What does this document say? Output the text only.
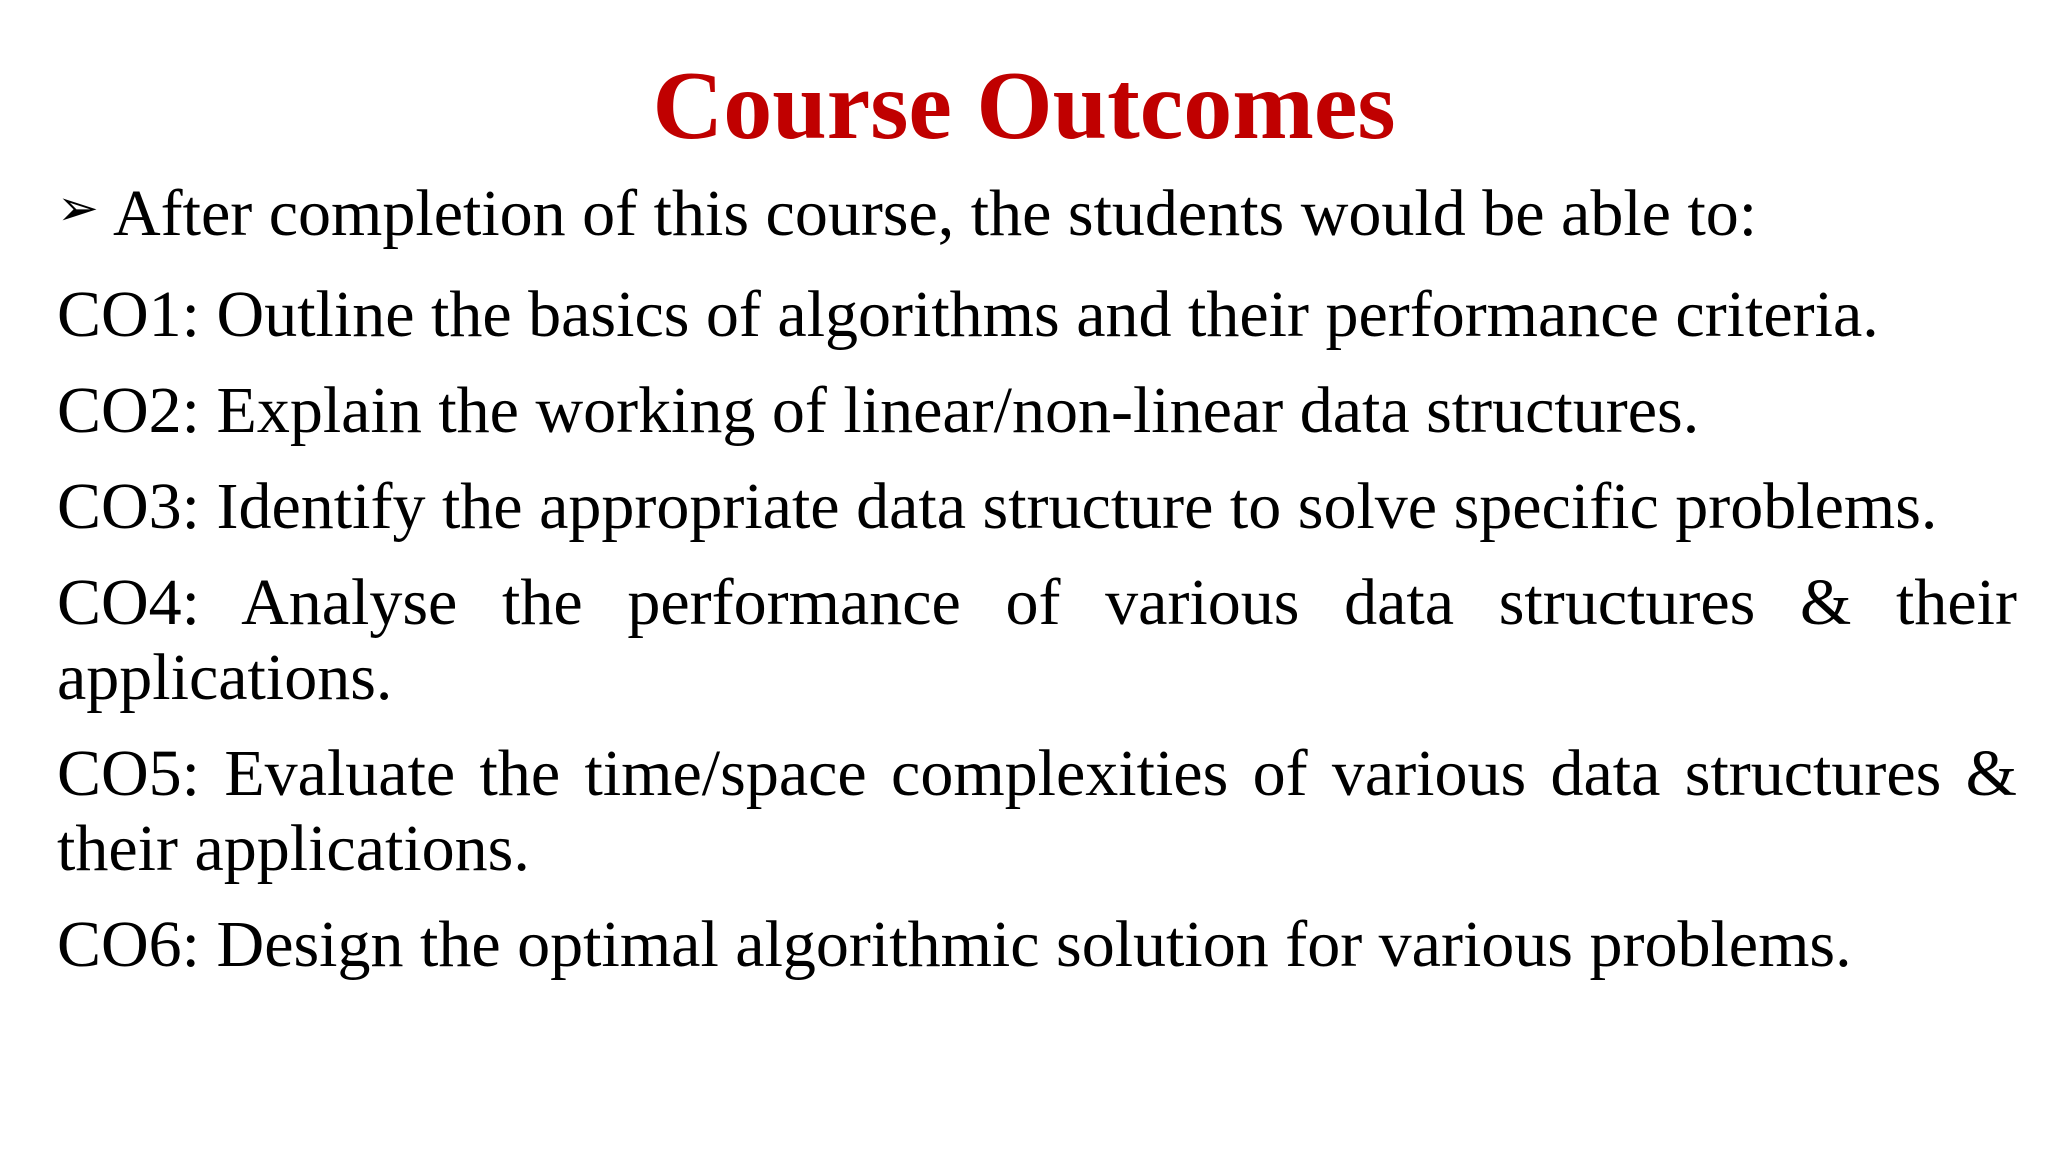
Course Outcomes
➢ After completion of this course, the students would be able to:

CO1: Outline the basics of algorithms and their performance criteria.

CO2: Explain the working of linear/non-linear data structures.

CO3: Identify the appropriate data structure to solve specific problems.

CO4: Analyse the performance of various data structures & their applications.

CO5: Evaluate the time/space complexities of various data structures & their applications.

CO6: Design the optimal algorithmic solution for various problems.
